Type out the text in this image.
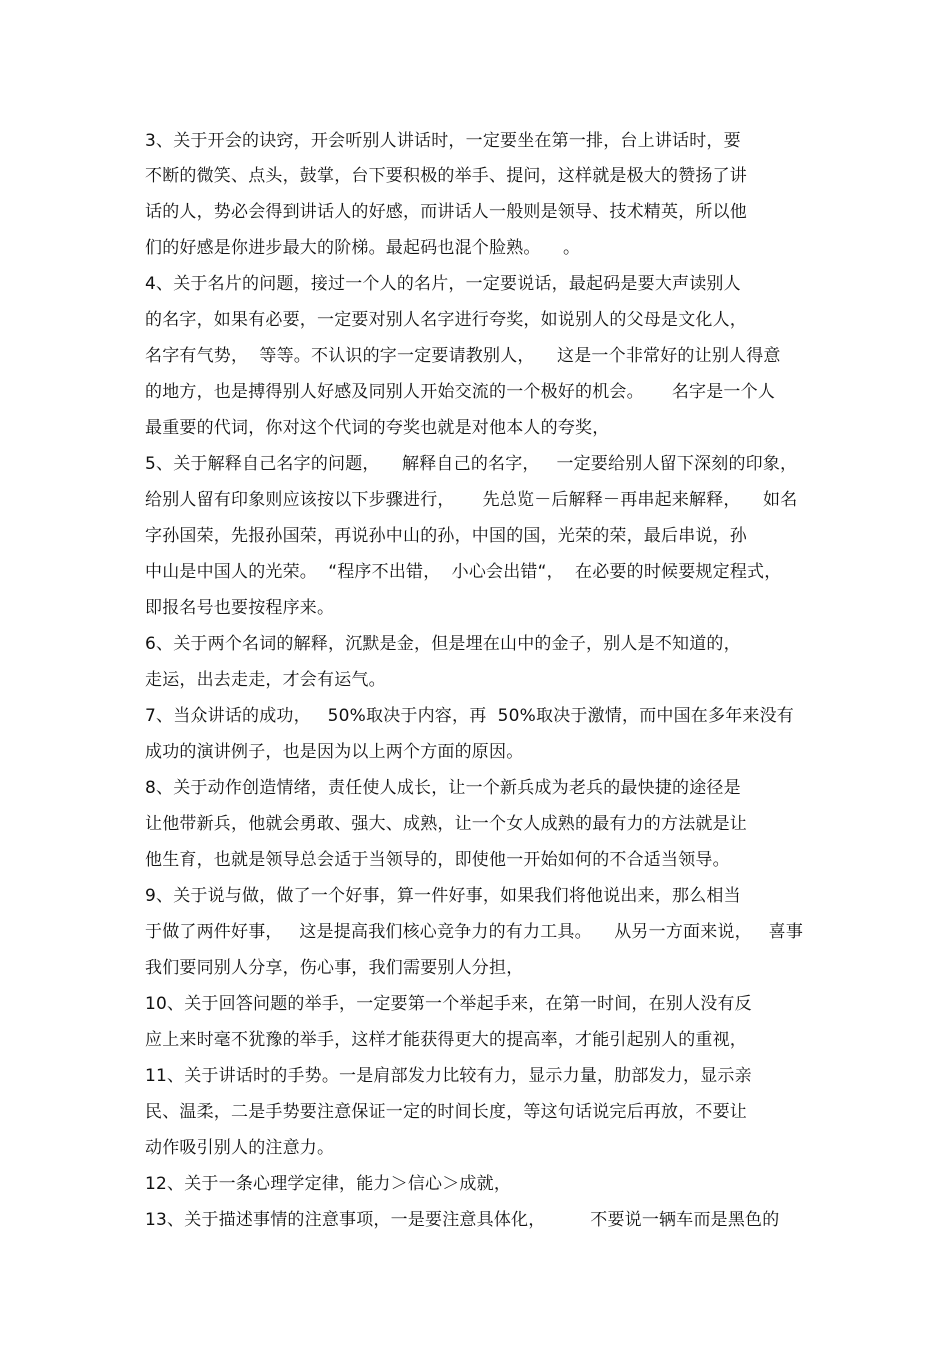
3、关于开会的诀窍，开会听别人讲话时，一定要坐在第一排，台上讲话时，要
不断的微笑、点头，鼓掌，台下要积极的举手、提问，这样就是极大的赞扬了讲
话的人，势必会得到讲话人的好感，而讲话人一般则是领导、技术精英，所以他
们的好感是你进步最大的阶梯。最起码也混个脸熟。    。
4、关于名片的问题，接过一个人的名片，一定要说话，最起码是要大声读别人
的名字，如果有必要，一定要对别人名字进行夸奖，如说别人的父母是文化人，
名字有气势，  等等。不认识的字一定要请教别人，    这是一个非常好的让别人得意
的地方，也是搏得别人好感及同别人开始交流的一个极好的机会。     名字是一个人
最重要的代词，你对这个代词的夸奖也就是对他本人的夸奖，
5、关于解释自己名字的问题，    解释自己的名字，   一定要给别人留下深刻的印象，
给别人留有印象则应该按以下步骤进行，     先总览－后解释－再串起来解释，    如名
字孙国荣，先报孙国荣，再说孙中山的孙，中国的国，光荣的荣，最后串说，孙
中山是中国人的光荣。  “程序不出错，  小心会出错“，  在必要的时候要规定程式，
即报名号也要按程序来。
6、关于两个名词的解释，沉默是金，但是埋在山中的金子，别人是不知道的，
走运，出去走走，才会有运气。
7、当众讲话的成功，   50%取决于内容，再  50%取决于激情，而中国在多年来没有
成功的演讲例子，也是因为以上两个方面的原因。
8、关于动作创造情绪，责任使人成长，让一个新兵成为老兵的最快捷的途径是
让他带新兵，他就会勇敢、强大、成熟，让一个女人成熟的最有力的方法就是让
他生育，也就是领导总会适于当领导的，即使他一开始如何的不合适当领导。
9、关于说与做，做了一个好事，算一件好事，如果我们将他说出来，那么相当
于做了两件好事，   这是提高我们核心竞争力的有力工具。    从另一方面来说，   喜事
我们要同别人分享，伤心事，我们需要别人分担，
10、关于回答问题的举手，一定要第一个举起手来，在第一时间，在别人没有反
应上来时毫不犹豫的举手，这样才能获得更大的提高率，才能引起别人的重视，
11、关于讲话时的手势。一是肩部发力比较有力，显示力量，肋部发力，显示亲
民、温柔，二是手势要注意保证一定的时间长度，等这句话说完后再放，不要让
动作吸引别人的注意力。
12、关于一条心理学定律，能力＞信心＞成就，
13、关于描述事情的注意事项，一是要注意具体化，        不要说一辆车而是黑色的
